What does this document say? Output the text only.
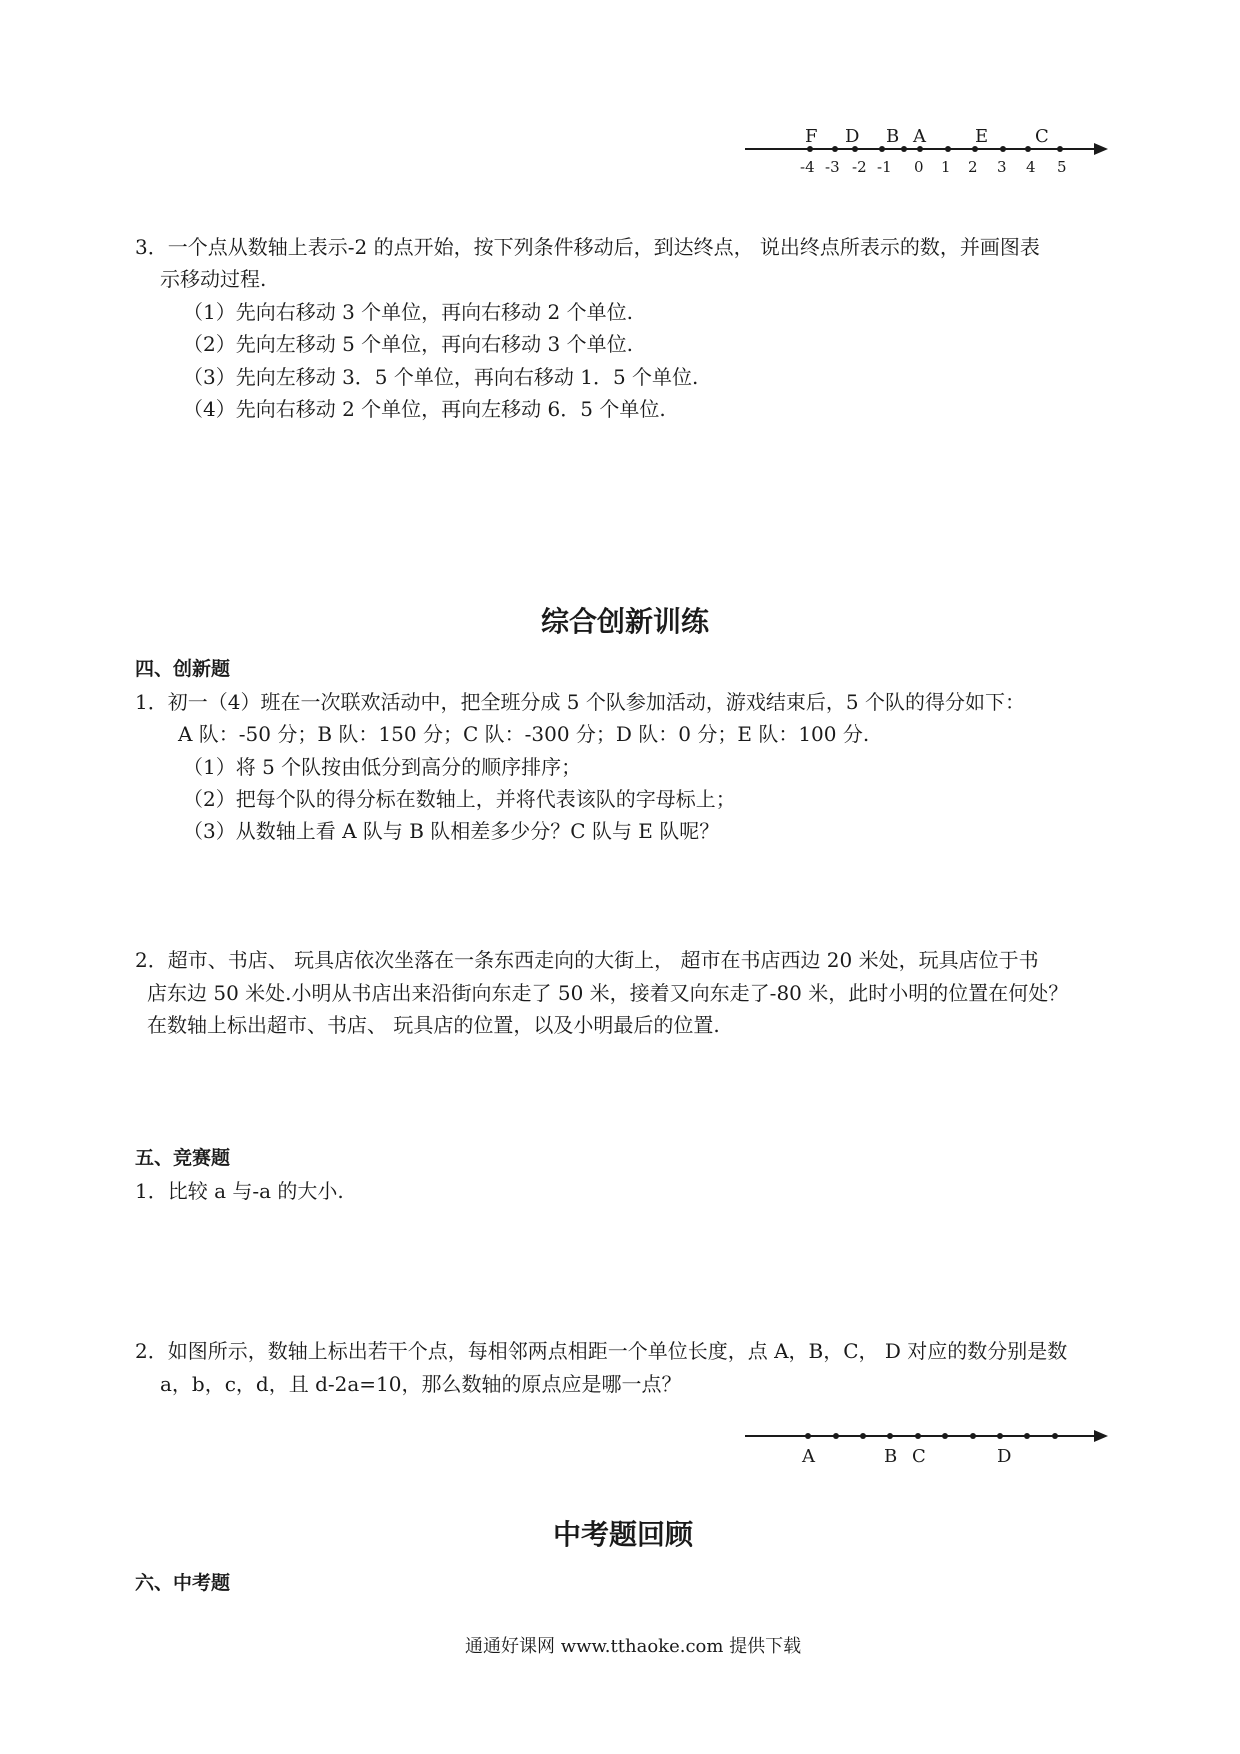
F D B A	E	C
-4 -3 -2 -1 0 1 2 3 4 5
3．一个点从数轴上表示-2 的点开始，按下列条件移动后，到达终点， 说出终点所表示的数，并画图表
示移动过程.
（1）先向右移动 3 个单位，再向右移动 2 个单位.
（2）先向左移动 5 个单位，再向右移动 3 个单位.
（3）先向左移动 3．5 个单位，再向右移动 1．5 个单位.
（4）先向右移动 2 个单位，再向左移动 6．5 个单位.
综合创新训练
四、创新题
1．初一（4）班在一次联欢活动中，把全班分成 5 个队参加活动，游戏结束后，5 个队的得分如下：
A 队：-50 分；B 队：150 分；C 队：-300 分；D 队：0 分；E 队：100 分.
（1）将 5 个队按由低分到高分的顺序排序；
（2）把每个队的得分标在数轴上，并将代表该队的字母标上；
（3）从数轴上看 A 队与 B 队相差多少分？C 队与 E 队呢？
2．超市、书店、 玩具店依次坐落在一条东西走向的大街上， 超市在书店西边 20 米处，玩具店位于书
店东边 50 米处.小明从书店出来沿街向东走了 50 米，接着又向东走了-80 米，此时小明的位置在何处？
在数轴上标出超市、书店、 玩具店的位置，以及小明最后的位置.
五、竞赛题
1．比较 a 与-a 的大小.
2．如图所示，数轴上标出若干个点，每相邻两点相距一个单位长度，点 A，B，C， D 对应的数分别是数
a，b，c，d，且 d-2a=10，那么数轴的原点应是哪一点？
A	B C	D
中考题回顾
六、中考题
通通好课网 www.tthaoke.com 提供下载
